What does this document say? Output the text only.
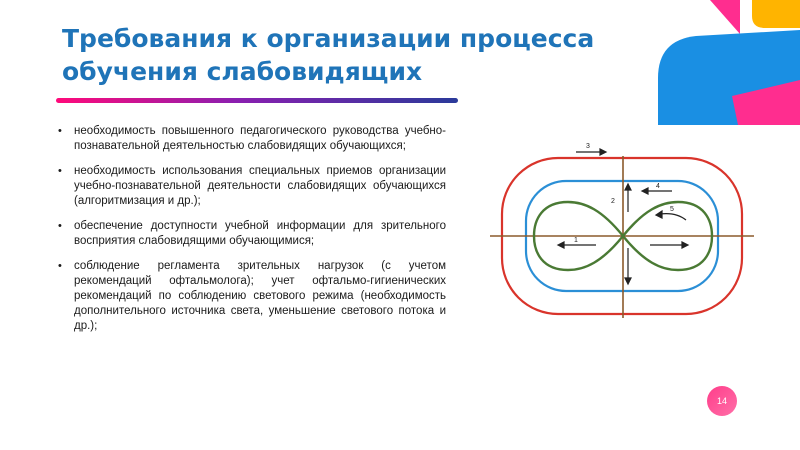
Требования к организации процесса
обучения слабовидящих
• необходимость повышенного педагогического руководства учебно-познавательной деятельностью слабовидящих обучающихся;
• необходимость использования специальных приемов организации учебно-познавательной деятельности слабовидящих обучающихся (алгоритмизация и др.);
• обеспечение доступности учебной информации для зрительного восприятия слабовидящими обучающимися;
• соблюдение регламента зрительных нагрузок (с учетом рекомендаций офтальмолога); учет офтальмо-гигиенических рекомендаций по соблюдению светового режима (необходимость дополнительного источника света, уменьшение светового потока и др.);
3
4
2
5
1
14
